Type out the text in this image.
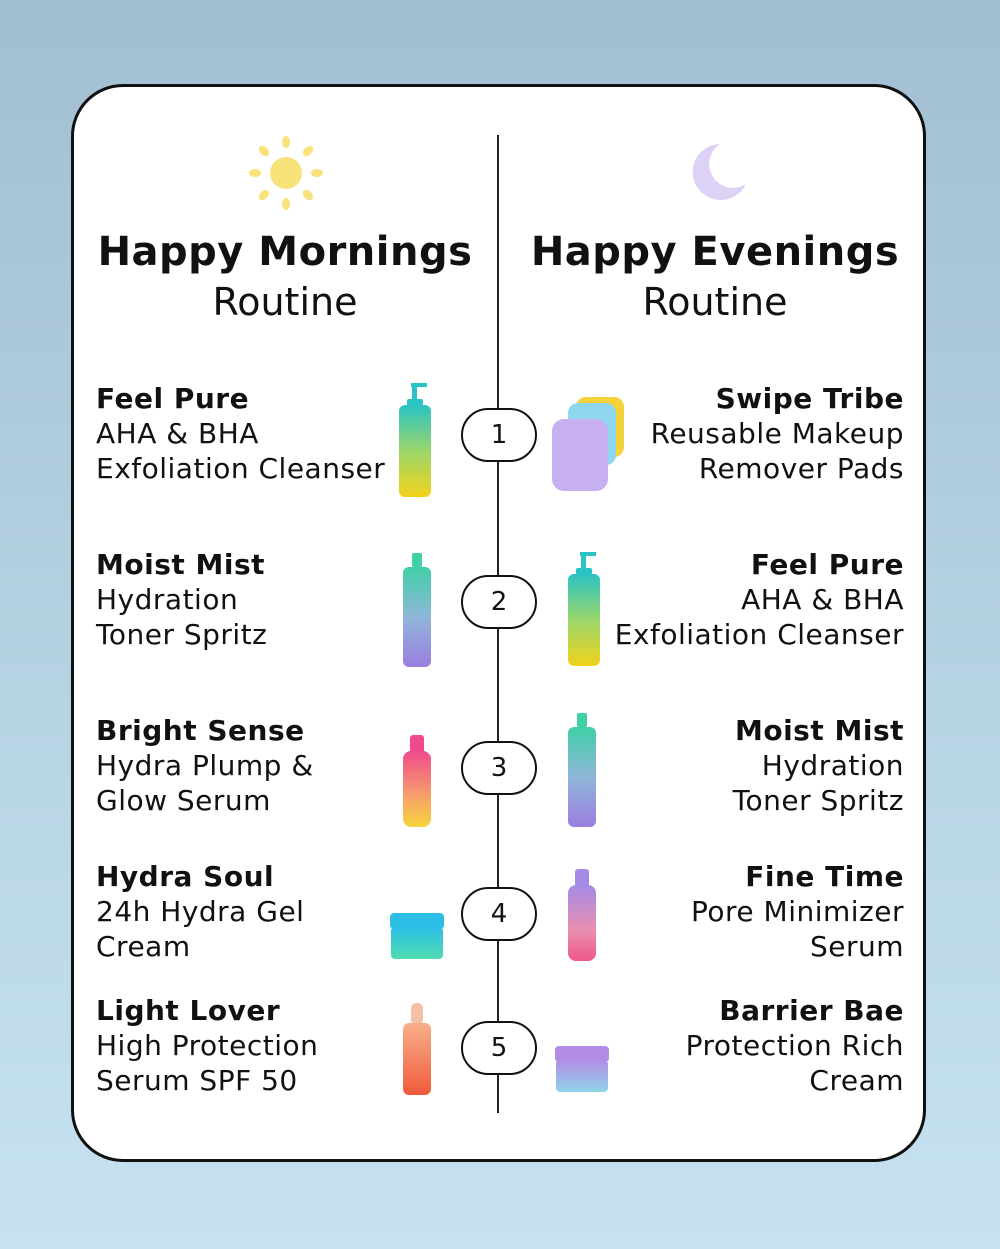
Happy Mornings
Routine
Happy Evenings
Routine
1
2
3
4
5
Feel Pure
AHA & BHA
Exfoliation Cleanser
Moist Mist
Hydration
Toner Spritz
Bright Sense
Hydra Plump &
Glow Serum
Hydra Soul
24h Hydra Gel
Cream
Light Lover
High Protection
Serum SPF 50
Swipe Tribe
Reusable Makeup
Remover Pads
Feel Pure
AHA & BHA
Exfoliation Cleanser
Moist Mist
Hydration
Toner Spritz
Fine Time
Pore Minimizer
Serum
Barrier Bae
Protection Rich
Cream
